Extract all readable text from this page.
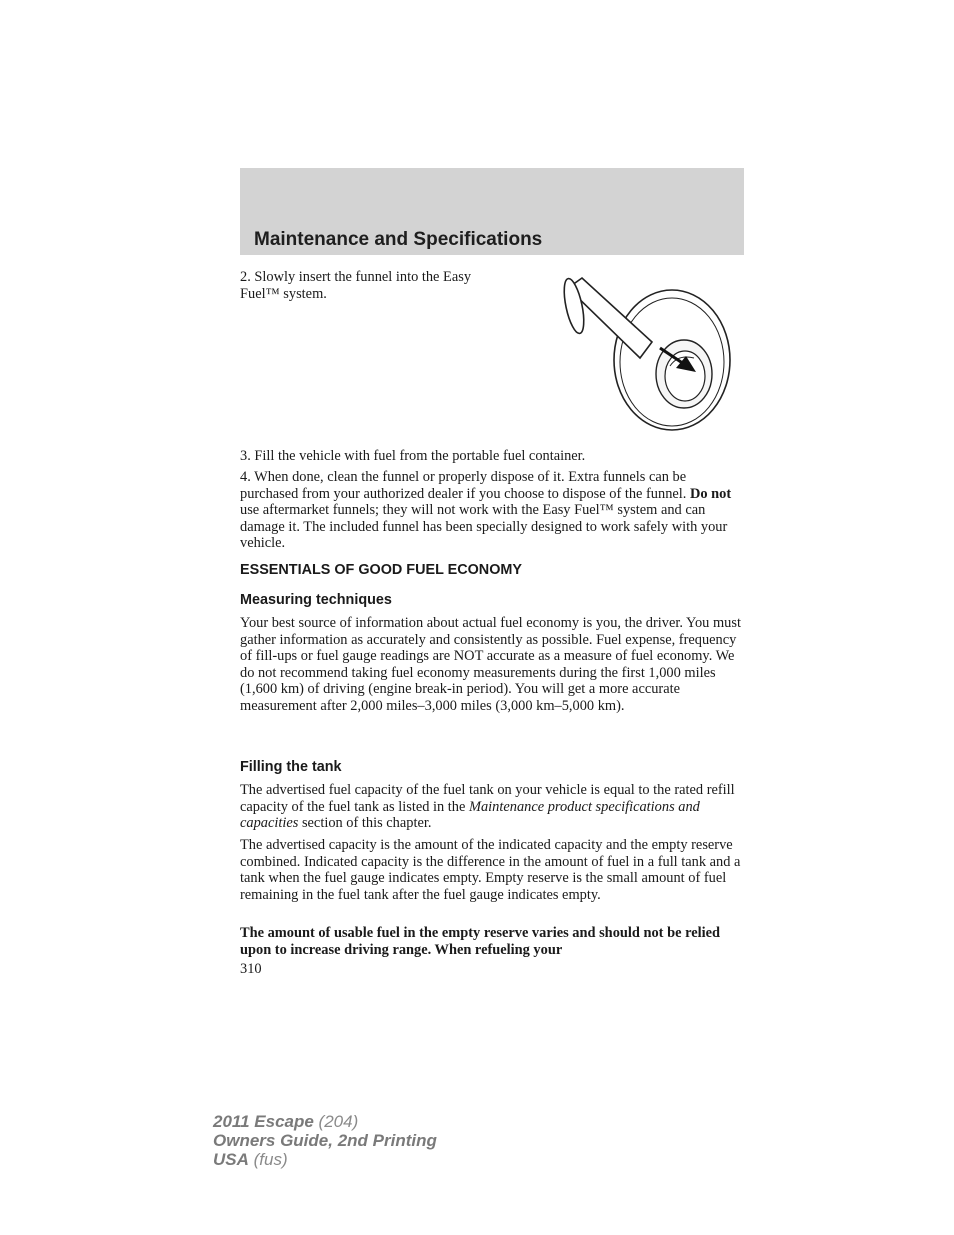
Maintenance and Specifications

2. Slowly insert the funnel into the Easy Fuel™ system.

3. Fill the vehicle with fuel from the portable fuel container.

4. When done, clean the funnel or properly dispose of it. Extra funnels can be purchased from your authorized dealer if you choose to dispose of the funnel. Do not use aftermarket funnels; they will not work with the Easy Fuel™ system and can damage it. The included funnel has been specially designed to work safely with your vehicle.

ESSENTIALS OF GOOD FUEL ECONOMY
Measuring techniques

Your best source of information about actual fuel economy is you, the driver. You must gather information as accurately and consistently as possible. Fuel expense, frequency of fill-ups or fuel gauge readings are NOT accurate as a measure of fuel economy. We do not recommend taking fuel economy measurements during the first 1,000 miles (1,600 km) of driving (engine break-in period). You will get a more accurate measurement after 2,000 miles–3,000 miles (3,000 km–5,000 km).

Filling the tank

The advertised fuel capacity of the fuel tank on your vehicle is equal to the rated refill capacity of the fuel tank as listed in the Maintenance product specifications and capacities section of this chapter.

The advertised capacity is the amount of the indicated capacity and the empty reserve combined. Indicated capacity is the difference in the amount of fuel in a full tank and a tank when the fuel gauge indicates empty. Empty reserve is the small amount of fuel remaining in the fuel tank after the fuel gauge indicates empty.

The amount of usable fuel in the empty reserve varies and should not be relied upon to increase driving range. When refueling your

310

2011 Escape (204)
Owners Guide, 2nd Printing
USA (fus)
